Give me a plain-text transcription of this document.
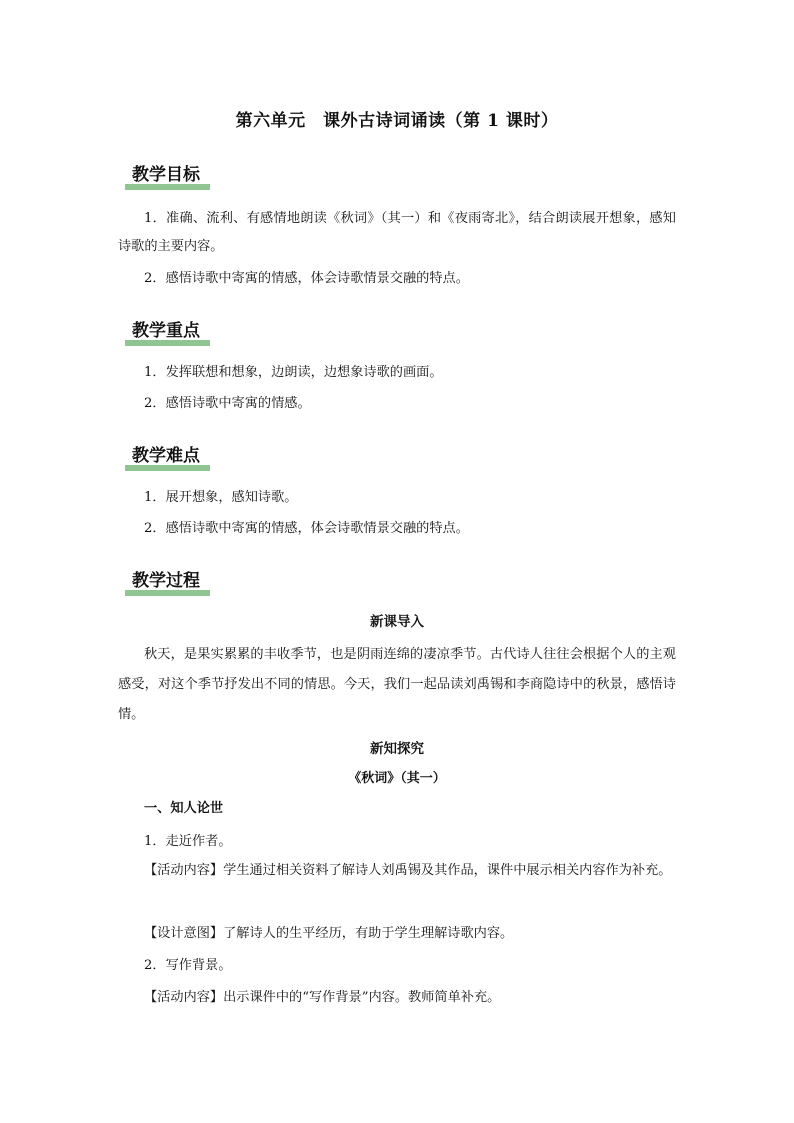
第六单元　课外古诗词诵读（第 1 课时）
教学目标
1．准确、流利、有感情地朗读《秋词》（其一）和《夜雨寄北》，结合朗读展开想象，感知诗歌的主要内容。
2．感悟诗歌中寄寓的情感，体会诗歌情景交融的特点。
教学重点
1．发挥联想和想象，边朗读，边想象诗歌的画面。
2．感悟诗歌中寄寓的情感。
教学难点
1．展开想象，感知诗歌。
2．感悟诗歌中寄寓的情感，体会诗歌情景交融的特点。
教学过程
新课导入
秋天，是果实累累的丰收季节，也是阴雨连绵的凄凉季节。古代诗人往往会根据个人的主观感受，对这个季节抒发出不同的情思。今天，我们一起品读刘禹锡和李商隐诗中的秋景，感悟诗情。
新知探究
《秋词》（其一）
一、知人论世
1．走近作者。
【活动内容】学生通过相关资料了解诗人刘禹锡及其作品，课件中展示相关内容作为补充。
【设计意图】了解诗人的生平经历，有助于学生理解诗歌内容。
2．写作背景。
【活动内容】出示课件中的“写作背景”内容。教师简单补充。
